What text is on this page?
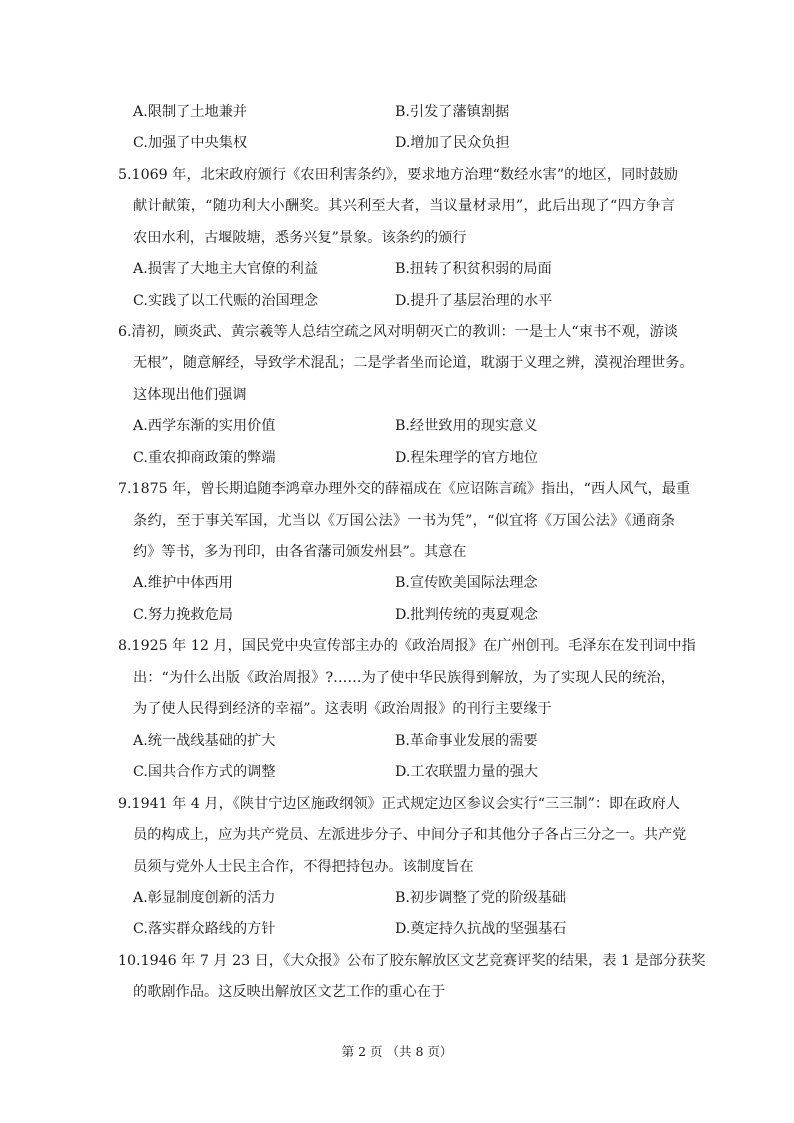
A.限制了土地兼并	B.引发了藩镇割据
C.加强了中央集权	D.增加了民众负担
5.1069 年，北宋政府颁行《农田利害条约》，要求地方治理“数经水害”的地区，同时鼓励
献计献策，“随功利大小酬奖。其兴利至大者，当议量材录用”，此后出现了“四方争言
农田水利，古堰陂塘，悉务兴复”景象。该条约的颁行
A.损害了大地主大官僚的利益	B.扭转了积贫积弱的局面
C.实践了以工代赈的治国理念	D.提升了基层治理的水平
6.清初，顾炎武、黄宗羲等人总结空疏之风对明朝灭亡的教训：一是士人“束书不观，游谈
无根”，随意解经，导致学术混乱；二是学者坐而论道，耽溺于义理之辨，漠视治理世务。
这体现出他们强调
A.西学东渐的实用价值	B.经世致用的现实意义
C.重农抑商政策的弊端	D.程朱理学的官方地位
7.1875 年，曾长期追随李鸿章办理外交的薛福成在《应诏陈言疏》指出，“西人风气，最重
条约，至于事关军国，尤当以《万国公法》一书为凭”，“似宜将《万国公法》《通商条
约》等书，多为刊印，由各省藩司颁发州县”。其意在
A.维护中体西用	B.宣传欧美国际法理念
C.努力挽救危局	D.批判传统的夷夏观念
8.1925 年 12 月，国民党中央宣传部主办的《政治周报》在广州创刊。毛泽东在发刊词中指
出：“为什么出版《政治周报》?……为了使中华民族得到解放，为了实现人民的统治，
为了使人民得到经济的幸福”。这表明《政治周报》的刊行主要缘于
A.统一战线基础的扩大	B.革命事业发展的需要
C.国共合作方式的调整	D.工农联盟力量的强大
9.1941 年 4 月，《陕甘宁边区施政纲领》正式规定边区参议会实行“三三制”：即在政府人
员的构成上，应为共产党员、左派进步分子、中间分子和其他分子各占三分之一。共产党
员须与党外人士民主合作，不得把持包办。该制度旨在
A.彰显制度创新的活力	B.初步调整了党的阶级基础
C.落实群众路线的方针	D.奠定持久抗战的坚强基石
10.1946 年 7 月 23 日，《大众报》公布了胶东解放区文艺竞赛评奖的结果，表 1 是部分获奖
的歌剧作品。这反映出解放区文艺工作的重心在于
第 2 页 （共 8 页）
